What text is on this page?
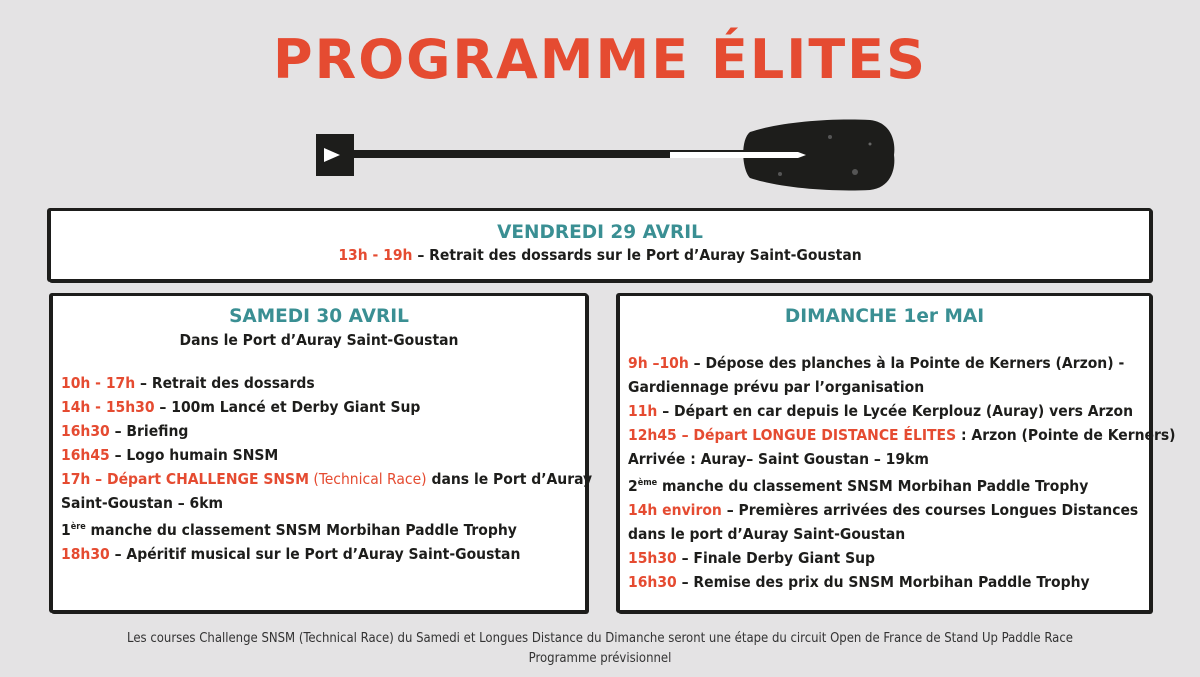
PROGRAMME ÉLITES
VENDREDI 29 AVRIL
13h - 19h – Retrait des dossards sur le Port d’Auray Saint-Goustan
SAMEDI 30 AVRIL
Dans le Port d’Auray Saint-Goustan
10h - 17h – Retrait des dossards
14h - 15h30 – 100m Lancé et Derby Giant Sup
16h30 – Briefing
16h45 – Logo humain SNSM
17h – Départ CHALLENGE SNSM (Technical Race) dans le Port d’Auray
Saint-Goustan – 6km
1ère manche du classement SNSM Morbihan Paddle Trophy
18h30 – Apéritif musical sur le Port d’Auray Saint-Goustan
DIMANCHE 1er MAI
9h –10h – Dépose des planches à la Pointe de Kerners (Arzon) -
Gardiennage prévu par l’organisation
11h – Départ en car depuis le Lycée Kerplouz (Auray) vers Arzon
12h45 – Départ LONGUE DISTANCE ÉLITES : Arzon (Pointe de Kerners)
Arrivée : Auray– Saint Goustan – 19km
2ème manche du classement SNSM Morbihan Paddle Trophy
14h environ – Premières arrivées des courses Longues Distances
dans le port d’Auray Saint-Goustan
15h30 – Finale Derby Giant Sup
16h30 – Remise des prix du SNSM Morbihan Paddle Trophy
Les courses Challenge SNSM (Technical Race) du Samedi et Longues Distance du Dimanche seront une étape du circuit Open de France de Stand Up Paddle Race
Programme prévisionnel
